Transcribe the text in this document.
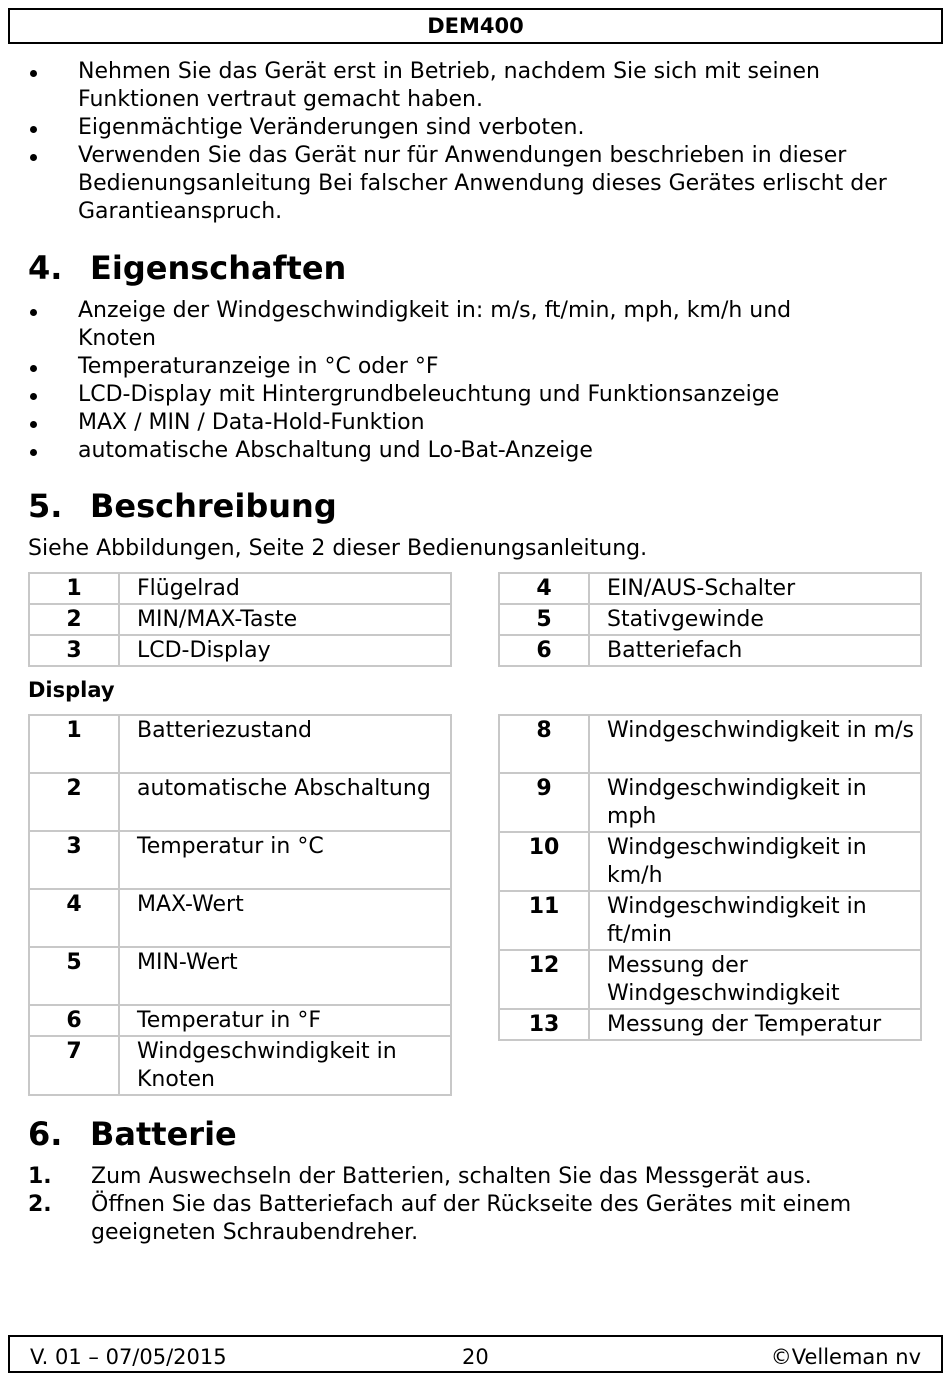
DEM400
Nehmen Sie das Gerät erst in Betrieb, nachdem Sie sich mit seinen Funktionen vertraut gemacht haben.
Eigenmächtige Veränderungen sind verboten.
Verwenden Sie das Gerät nur für Anwendungen beschrieben in dieser Bedienungsanleitung Bei falscher Anwendung dieses Gerätes erlischt der Garantieanspruch.
4. Eigenschaften
Anzeige der Windgeschwindigkeit in: m/s, ft/min, mph, km/h und Knoten
Temperaturanzeige in °C oder °F
LCD-Display mit Hintergrundbeleuchtung und Funktionsanzeige
MAX / MIN / Data-Hold-Funktion
automatische Abschaltung und Lo-Bat-Anzeige
5. Beschreibung
Siehe Abbildungen, Seite 2 dieser Bedienungsanleitung.
1	Flügelrad
2	MIN/MAX-Taste
3	LCD-Display
4	EIN/AUS-Schalter
5	Stativgewinde
6	Batteriefach
Display
1	Batteriezustand
2	automatische Abschaltung
3	Temperatur in °C
4	MAX-Wert
5	MIN-Wert
6	Temperatur in °F
7	Windgeschwindigkeit in Knoten
8	Windgeschwindigkeit in m/s
9	Windgeschwindigkeit in mph
10	Windgeschwindigkeit in km/h
11	Windgeschwindigkeit in ft/min
12	Messung der Windgeschwindigkeit
13	Messung der Temperatur
6. Batterie
1. Zum Auswechseln der Batterien, schalten Sie das Messgerät aus.
2. Öffnen Sie das Batteriefach auf der Rückseite des Gerätes mit einem geeigneten Schraubendreher.
V. 01 – 07/05/2015	20	©Velleman nv
